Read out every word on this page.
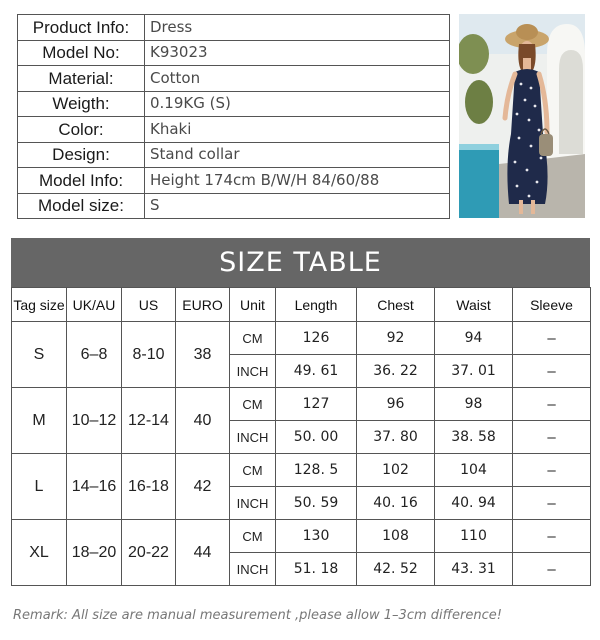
Product Info:	Dress
Model No:	K93023
Material:	Cotton
Weigth:	0.19KG (S)
Color:	Khaki
Design:	Stand collar
Model Info:	Height 174cm B/W/H 84/60/88
Model size:	S
SIZE TABLE
Tag size	UK/AU	US	EURO	Unit	Length	Chest	Waist	Sleeve
S	6–8	8-10	38	CM	126	92	94	–
				INCH	49. 61	36. 22	37. 01	–
M	10–12	12-14	40	CM	127	96	98	–
				INCH	50. 00	37. 80	38. 58	–
L	14–16	16-18	42	CM	128. 5	102	104	–
				INCH	50. 59	40. 16	40. 94	–
XL	18–20	20-22	44	CM	130	108	110	–
				INCH	51. 18	42. 52	43. 31	–
Remark: All size are manual measurement ,please allow 1–3cm difference!
